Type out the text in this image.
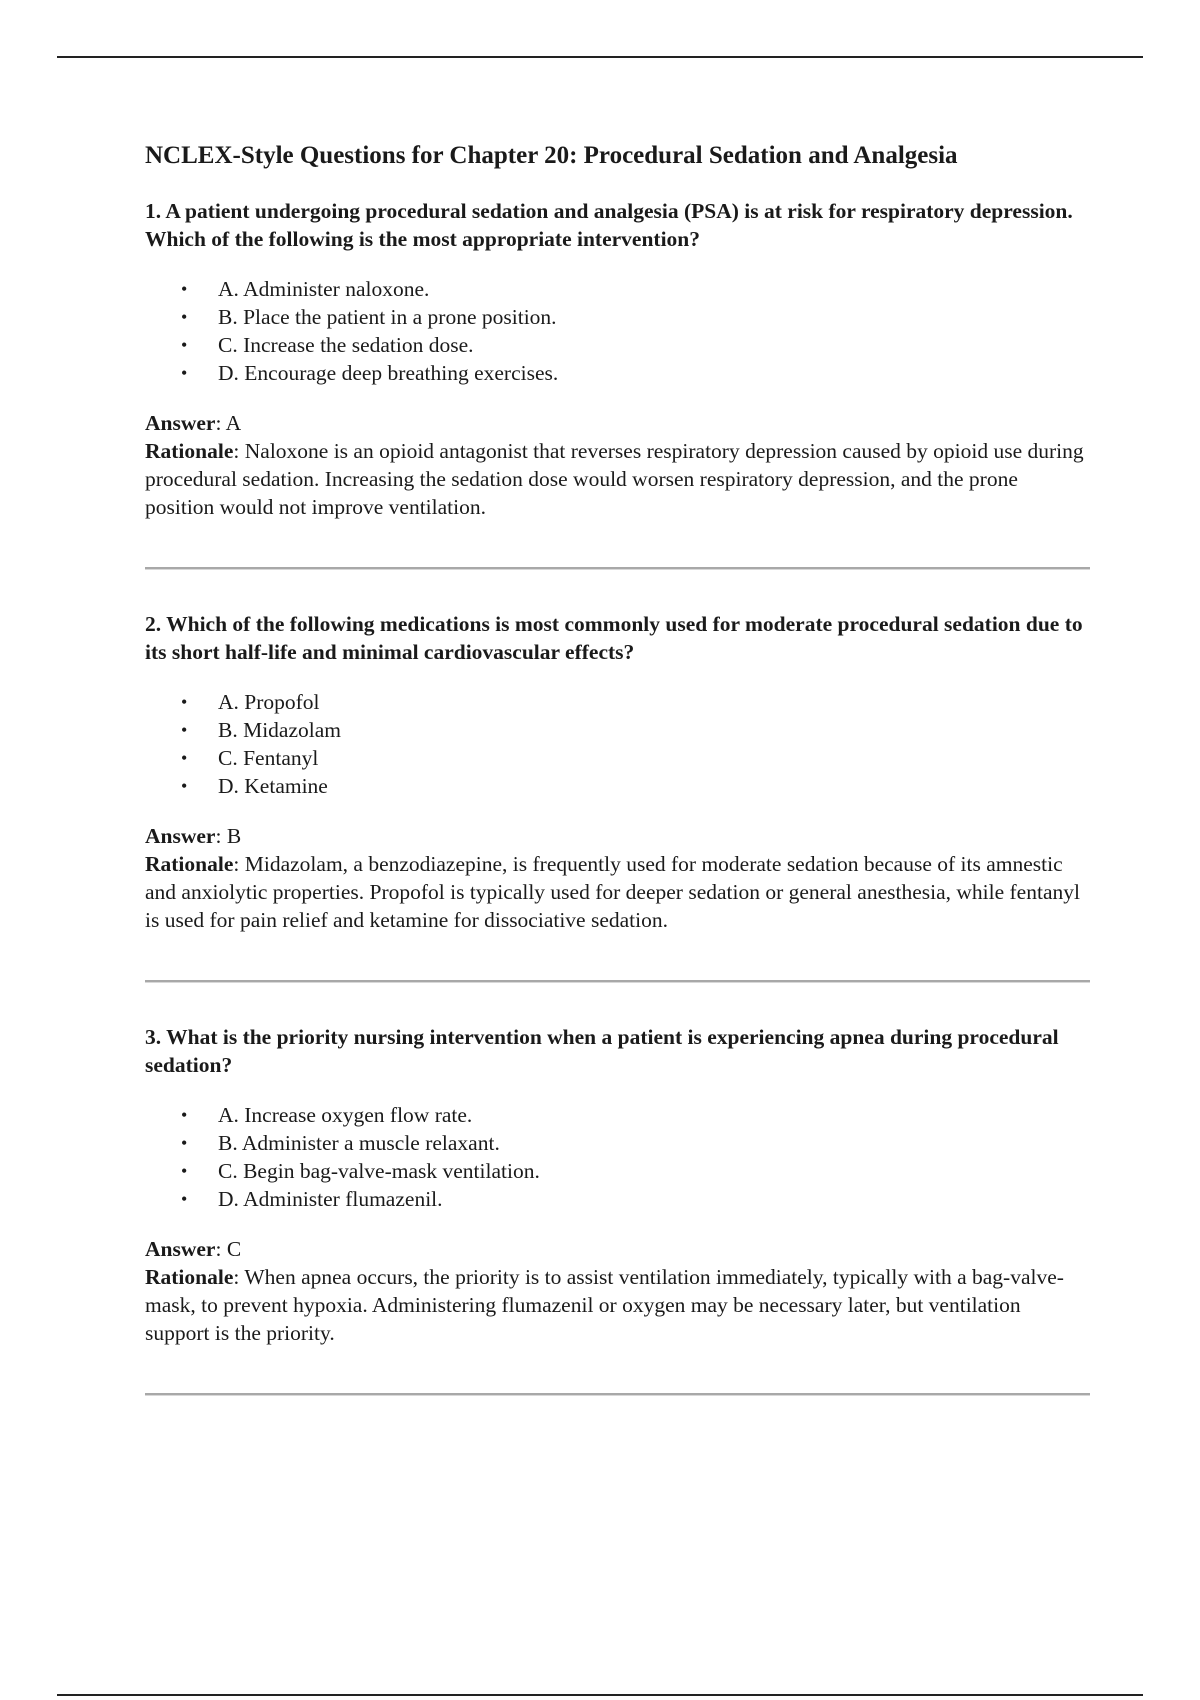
NCLEX-Style Questions for Chapter 20: Procedural Sedation and Analgesia

1. A patient undergoing procedural sedation and analgesia (PSA) is at risk for respiratory depression. Which of the following is the most appropriate intervention?

• A. Administer naloxone.
• B. Place the patient in a prone position.
• C. Increase the sedation dose.
• D. Encourage deep breathing exercises.

Answer: A

Rationale: Naloxone is an opioid antagonist that reverses respiratory depression caused by opioid use during procedural sedation. Increasing the sedation dose would worsen respiratory depression, and the prone position would not improve ventilation.

2. Which of the following medications is most commonly used for moderate procedural sedation due to its short half-life and minimal cardiovascular effects?

• A. Propofol
• B. Midazolam
• C. Fentanyl
• D. Ketamine

Answer: B

Rationale: Midazolam, a benzodiazepine, is frequently used for moderate sedation because of its amnestic and anxiolytic properties. Propofol is typically used for deeper sedation or general anesthesia, while fentanyl is used for pain relief and ketamine for dissociative sedation.

3. What is the priority nursing intervention when a patient is experiencing apnea during procedural sedation?

• A. Increase oxygen flow rate.
• B. Administer a muscle relaxant.
• C. Begin bag-valve-mask ventilation.
• D. Administer flumazenil.

Answer: C

Rationale: When apnea occurs, the priority is to assist ventilation immediately, typically with a bag-valve-mask, to prevent hypoxia. Administering flumazenil or oxygen may be necessary later, but ventilation support is the priority.
